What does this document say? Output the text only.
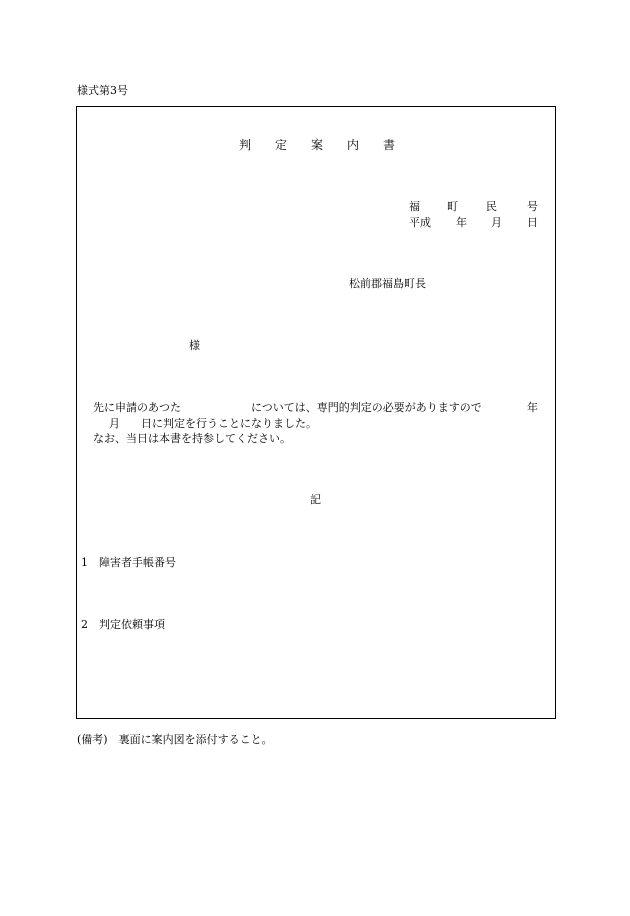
様式第3号
判 定 案 内 書
福 町	民	号
平成 年 月 日
松前郡福島町長
様
先に申請のあつた	については、専門的判定の必要がありますので	年
月 日に判定を行うことになりました。
なお、当日は本書を持参してください。
記
1 障害者手帳番号
2 判定依頼事項
(備考)　裏面に案内図を添付すること。
